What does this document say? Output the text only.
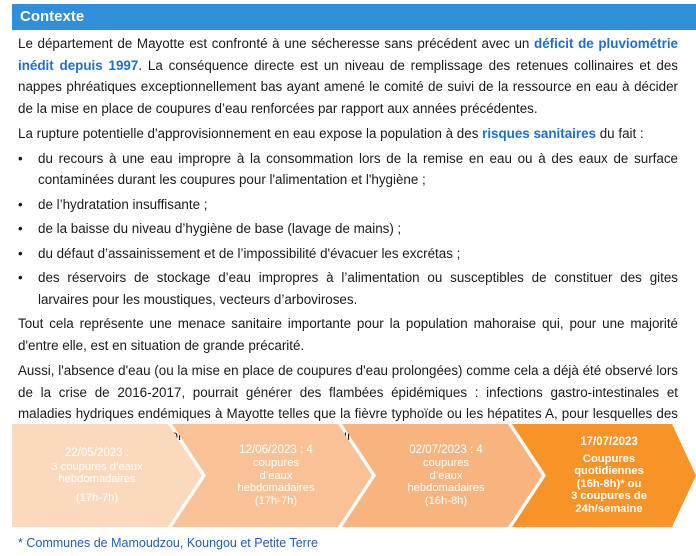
Contexte

Le département de Mayotte est confronté à une sécheresse sans précédent avec un déficit de pluviométrie inédit depuis 1997. La conséquence directe est un niveau de remplissage des retenues collinaires et des nappes phréatiques exceptionnellement bas ayant amené le comité de suivi de la ressource en eau à décider de la mise en place de coupures d’eau renforcées par rapport aux années précédentes.

La rupture potentielle d'approvisionnement en eau expose la population à des risques sanitaires du fait :

• du recours à une eau impropre à la consommation lors de la remise en eau ou à des eaux de surface contaminées durant les coupures pour l'alimentation et l'hygiène ;
• de l’hydratation insuffisante ;
• de la baisse du niveau d’hygiène de base (lavage de mains) ;
• du défaut d’assainissement et de l’impossibilité d'évacuer les excrétas ;
• des réservoirs de stockage d’eau impropres à l’alimentation ou susceptibles de constituer des gites larvaires pour les moustiques, vecteurs d’arboviroses.

Tout cela représente une menace sanitaire importante pour la population mahoraise qui, pour une majorité d'entre elle, est en situation de grande précarité.

Aussi, l'absence d'eau (ou la mise en place de coupures d'eau prolongées) comme cela a déjà été observé lors de la crise de 2016-2017, pourrait générer des flambées épidémiques : infections gastro-intestinales et maladies hydriques endémiques à Mayotte telles que la fièvre typhoïde ou les hépatites A, pour lesquelles des sont

22/05/2023 :
3 coupures d’eaux
hebdomadaires
(17h-7h)
12/06/2023 : 4
coupures
d’eaux
hebdomadaires
(17h-7h)
02/07/2023 : 4
coupures
d’eaux
hebdomadaires
(16h-8h)
17/07/2023
Coupures
quotidiennes
(16h-8h)* ou
3 coupures de
24h/semaine
* Communes de Mamoudzou, Koungou et Petite Terre
